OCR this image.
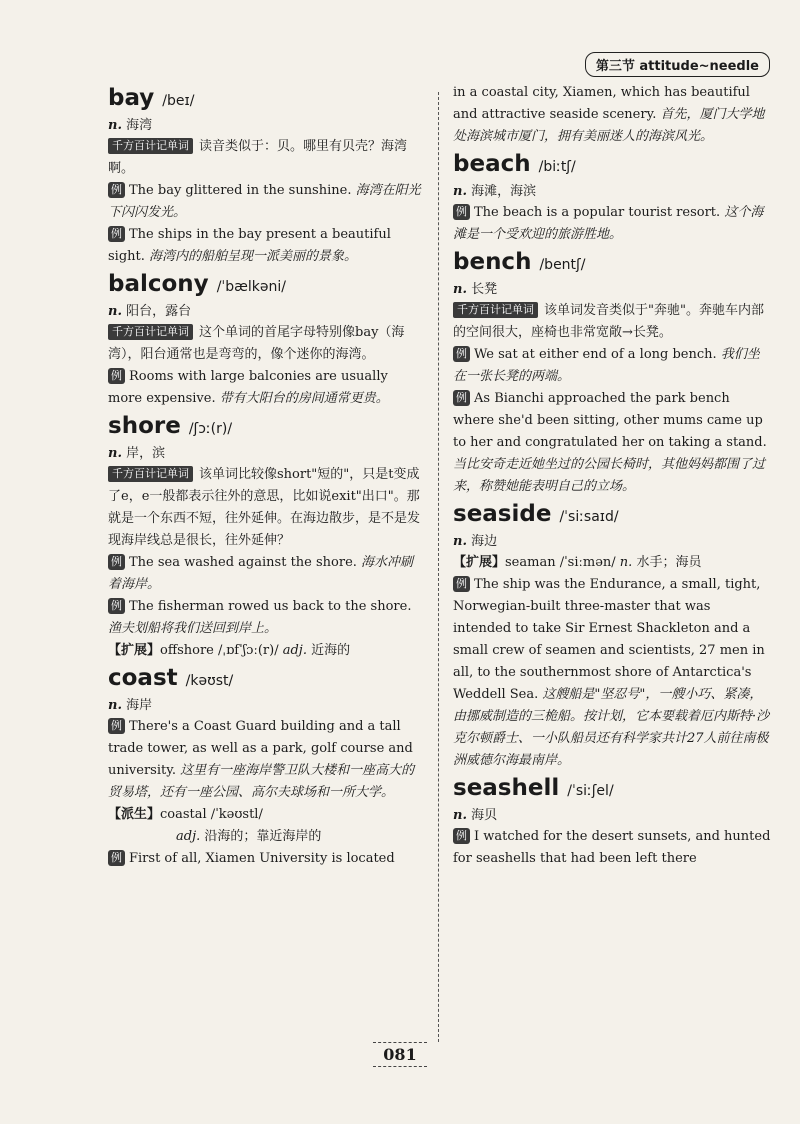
第三节 attitude~needle
bay /beɪ/
n. 海湾
千方百计记单词 读音类似于：贝。哪里有贝壳？海湾啊。
例 The bay glittered in the sunshine. 海湾在阳光下闪闪发光。
例 The ships in the bay present a beautiful sight. 海湾内的船舶呈现一派美丽的景象。
balcony /ˈbælkəni/
n. 阳台，露台
千方百计记单词 这个单词的首尾字母特别像bay（海湾），阳台通常也是弯弯的，像个迷你的海湾。
例 Rooms with large balconies are usually more expensive. 带有大阳台的房间通常更贵。
shore /ʃɔː(r)/
n. 岸，滨
千方百计记单词 该单词比较像short"短的"，只是t变成了e，e一般都表示往外的意思，比如说exit"出口"。那就是一个东西不短，往外延伸。在海边散步，是不是发现海岸线总是很长，往外延伸？
例 The sea washed against the shore. 海水冲刷着海岸。
例 The fisherman rowed us back to the shore. 渔夫划船将我们送回到岸上。
【扩展】offshore /ˌɒfˈʃɔː(r)/ adj. 近海的
coast /kəʊst/
n. 海岸
例 There's a Coast Guard building and a tall trade tower, as well as a park, golf course and university. 这里有一座海岸警卫队大楼和一座高大的贸易塔，还有一座公园、高尔夫球场和一所大学。
【派生】coastal /ˈkəʊstl/
adj. 沿海的；靠近海岸的
例 First of all, Xiamen University is located
in a coastal city, Xiamen, which has beautiful and attractive seaside scenery. 首先，厦门大学地处海滨城市厦门，拥有美丽迷人的海滨风光。
beach /biːtʃ/
n. 海滩，海滨
例 The beach is a popular tourist resort. 这个海滩是一个受欢迎的旅游胜地。
bench /bentʃ/
n. 长凳
千方百计记单词 该单词发音类似于"奔驰"。奔驰车内部的空间很大，座椅也非常宽敞→长凳。
例 We sat at either end of a long bench. 我们坐在一张长凳的两端。
例 As Bianchi approached the park bench where she'd been sitting, other mums came up to her and congratulated her on taking a stand. 当比安奇走近她坐过的公园长椅时，其他妈妈都围了过来，称赞她能表明自己的立场。
seaside /ˈsiːsaɪd/
n. 海边
【扩展】seaman /ˈsiːmən/ n. 水手；海员
例 The ship was the Endurance, a small, tight, Norwegian-built three-master that was intended to take Sir Ernest Shackleton and a small crew of seamen and scientists, 27 men in all, to the southernmost shore of Antarctica's Weddell Sea. 这艘船是"坚忍号"，一艘小巧、紧凑，由挪威制造的三桅船。按计划，它本要载着厄内斯特·沙克尔顿爵士、一小队船员还有科学家共计27人前往南极洲威德尔海最南岸。
seashell /ˈsiːʃel/
n. 海贝
例 I watched for the desert sunsets, and hunted for seashells that had been left there
081
